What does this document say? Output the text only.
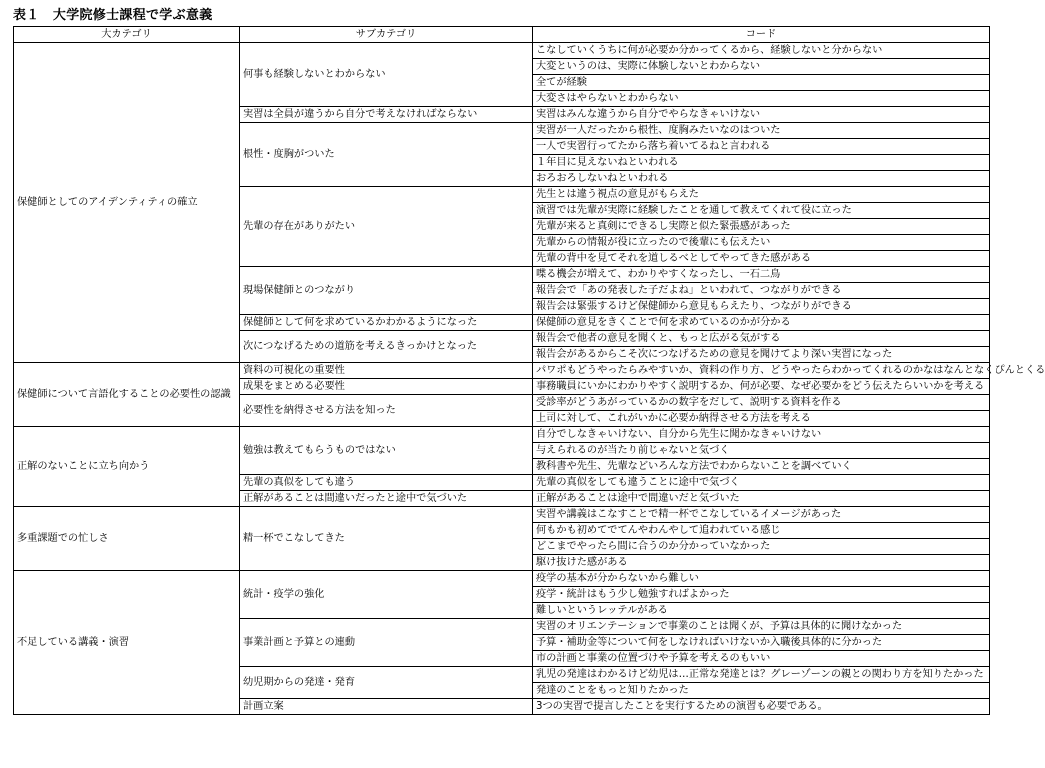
表１　大学院修士課程で学ぶ意義
大カテゴリ	サブカテゴリ	コード
保健師としてのアイデンティティの確立	何事も経験しないとわからない	こなしていくうちに何が必要か分かってくるから、経験しないと分からない
		大変というのは、実際に体験しないとわからない
		全てが経験
		大変さはやらないとわからない
	実習は全員が違うから自分で考えなければならない	実習はみんな違うから自分でやらなきゃいけない
	根性・度胸がついた	実習が一人だったから根性、度胸みたいなのはついた
		一人で実習行ってたから落ち着いてるねと言われる
		１年目に見えないねといわれる
		おろおろしないねといわれる
	先輩の存在がありがたい	先生とは違う視点の意見がもらえた
		演習では先輩が実際に経験したことを通して教えてくれて役に立った
		先輩が来ると真剣にできるし実際と似た緊張感があった
		先輩からの情報が役に立ったので後輩にも伝えたい
		先輩の背中を見てそれを道しるべとしてやってきた感がある
	現場保健師とのつながり	喋る機会が増えて、わかりやすくなったし、一石二鳥
		報告会で「あの発表した子だよね」といわれて、つながりができる
		報告会は緊張するけど保健師から意見もらえたり、つながりができる
	保健師として何を求めているかわかるようになった	保健師の意見をきくことで何を求めているのかが分かる
	次につなげるための道筋を考えるきっかけとなった	報告会で他者の意見を聞くと、もっと広がる気がする
		報告会があるからこそ次につなげるための意見を聞けてより深い実習になった
保健師について言語化することの必要性の認識	資料の可視化の重要性	パワポもどうやったらみやすいか、資料の作り方、どうやったらわかってくれるのかなはなんとなくぴんとくる
	成果をまとめる必要性	事務職員にいかにわかりやすく説明するか、何が必要、なぜ必要かをどう伝えたらいいかを考える
	必要性を納得させる方法を知った	受診率がどうあがっているかの数字をだして、説明する資料を作る
		上司に対して、これがいかに必要か納得させる方法を考える
正解のないことに立ち向かう	勉強は教えてもらうものではない	自分でしなきゃいけない、自分から先生に聞かなきゃいけない
		与えられるのが当たり前じゃないと気づく
		教科書や先生、先輩などいろんな方法でわからないことを調べていく
	先輩の真似をしても違う	先輩の真似をしても違うことに途中で気づく
	正解があることは間違いだったと途中で気づいた	正解があることは途中で間違いだと気づいた
多重課題での忙しさ	精一杯でこなしてきた	実習や講義はこなすことで精一杯でこなしているイメージがあった
		何もかも初めてでてんやわんやして追われている感じ
		どこまでやったら間に合うのか分かっていなかった
		駆け抜けた感がある
不足している講義・演習	統計・疫学の強化	疫学の基本が分からないから難しい
		疫学・統計はもう少し勉強すればよかった
		難しいというレッテルがある
	事業計画と予算との連動	実習のオリエンテーションで事業のことは聞くが、予算は具体的に聞けなかった
		予算・補助金等について何をしなければいけないか入職後具体的に分かった
		市の計画と事業の位置づけや予算を考えるのもいい
	幼児期からの発達・発育	乳児の発達はわかるけど幼児は…正常な発達とは？グレーゾーンの親との関わり方を知りたかった
		発達のことをもっと知りたかった
	計画立案	3つの実習で提言したことを実行するための演習も必要である。
